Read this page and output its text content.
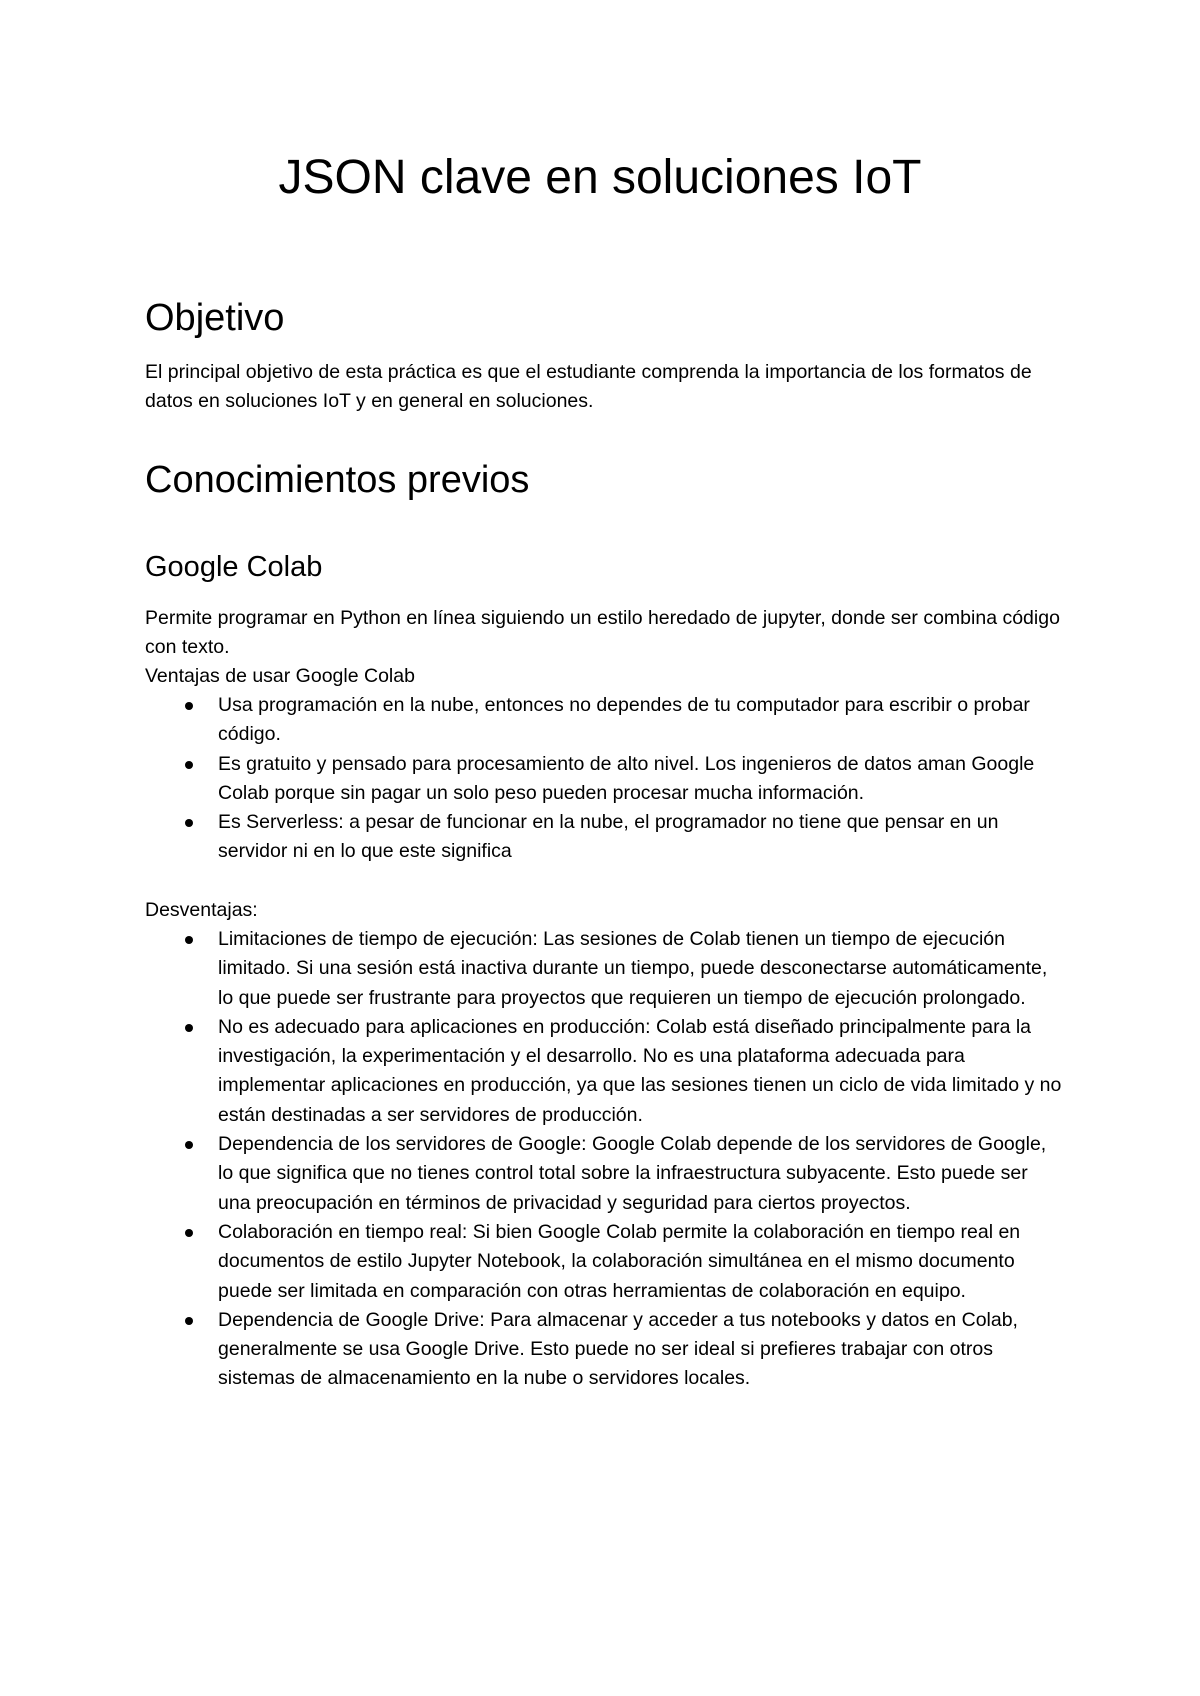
JSON clave en soluciones IoT
Objetivo

El principal objetivo de esta práctica es que el estudiante comprenda la importancia de los formatos de datos en soluciones IoT y en general en soluciones.

Conocimientos previos
Google Colab

Permite programar en Python en línea siguiendo un estilo heredado de jupyter, donde ser combina código con texto.

Ventajas de usar Google Colab

Usa programación en la nube, entonces no dependes de tu computador para escribir o probar código.
Es gratuito y pensado para procesamiento de alto nivel. Los ingenieros de datos aman Google Colab porque sin pagar un solo peso pueden procesar mucha información.
Es Serverless: a pesar de funcionar en la nube, el programador no tiene que pensar en un servidor ni en lo que este significa

Desventajas:

Limitaciones de tiempo de ejecución: Las sesiones de Colab tienen un tiempo de ejecución limitado. Si una sesión está inactiva durante un tiempo, puede desconectarse automáticamente, lo que puede ser frustrante para proyectos que requieren un tiempo de ejecución prolongado.
No es adecuado para aplicaciones en producción: Colab está diseñado principalmente para la investigación, la experimentación y el desarrollo. No es una plataforma adecuada para implementar aplicaciones en producción, ya que las sesiones tienen un ciclo de vida limitado y no están destinadas a ser servidores de producción.
Dependencia de los servidores de Google: Google Colab depende de los servidores de Google, lo que significa que no tienes control total sobre la infraestructura subyacente. Esto puede ser una preocupación en términos de privacidad y seguridad para ciertos proyectos.
Colaboración en tiempo real: Si bien Google Colab permite la colaboración en tiempo real en documentos de estilo Jupyter Notebook, la colaboración simultánea en el mismo documento puede ser limitada en comparación con otras herramientas de colaboración en equipo.
Dependencia de Google Drive: Para almacenar y acceder a tus notebooks y datos en Colab, generalmente se usa Google Drive. Esto puede no ser ideal si prefieres trabajar con otros sistemas de almacenamiento en la nube o servidores locales.
